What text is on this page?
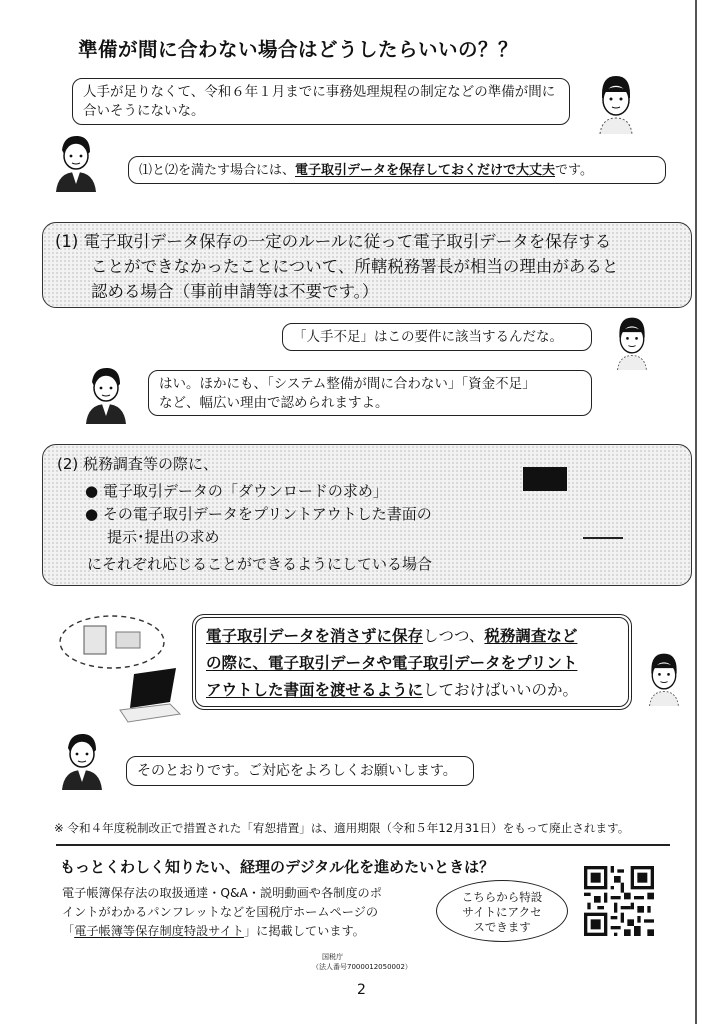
準備が間に合わない場合はどうしたらいいの？？
人手が足りなくて、令和６年１月までに事務処理規程の制定などの準備が間に合いそうにないな。
⑴と⑵を満たす場合には、電子取引データを保存しておくだけで大丈夫です。
(1) 電子取引データ保存の一定のルールに従って電子取引データを保存する
ことができなかったことについて、所轄税務署長が相当の理由があると
認める場合（事前申請等は不要です。）
「人手不足」はこの要件に該当するんだな。
はい。ほかにも、「システム整備が間に合わない」「資金不足」
など、幅広い理由で認められますよ。
(2) 税務調査等の際に、
● 電子取引データの「ダウンロードの求め」
● その電子取引データをプリントアウトした書面の
提示･提出の求め
にそれぞれ応じることができるようにしている場合
電子取引データを消さずに保存しつつ、税務調査など
の際に、電子取引データや電子取引データをプリント
アウトした書面を渡せるようにしておけばいいのか。
そのとおりです。ご対応をよろしくお願いします。
※ 令和４年度税制改正で措置された「宥恕措置」は、適用期限（令和５年12月31日）をもって廃止されます。
もっとくわしく知りたい、経理のデジタル化を進めたいときは？
電子帳簿保存法の取扱通達・Q&A・説明動画や各制度のポ
イントがわかるパンフレットなどを国税庁ホームページの
「電子帳簿等保存制度特設サイト」に掲載しています。
こちらから特設
サイトにアクセ
スできます
国税庁
（法人番号7000012050002）
2
